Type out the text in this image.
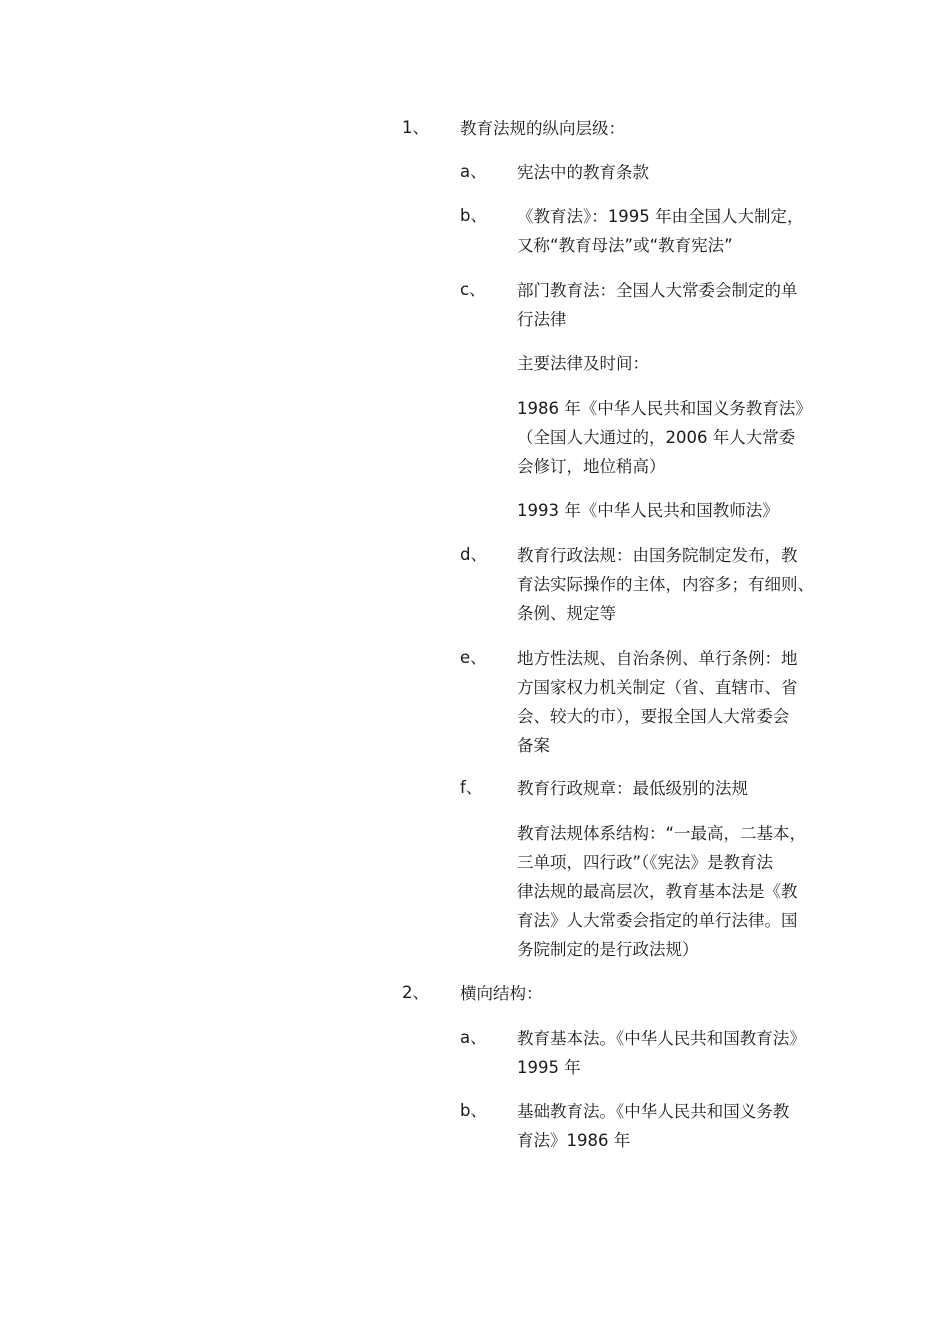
1、 教育法规的纵向层级：
a、 宪法中的教育条款
b、 《教育法》：1995 年由全国人大制定，
又称“教育母法”或“教育宪法”
c、 部门教育法：全国人大常委会制定的单
行法律
主要法律及时间：
1986 年《中华人民共和国义务教育法》
（全国人大通过的，2006 年人大常委
会修订，地位稍高）
1993 年《中华人民共和国教师法》
d、 教育行政法规：由国务院制定发布，教
育法实际操作的主体，内容多；有细则、
条例、规定等
e、 地方性法规、自治条例、单行条例：地
方国家权力机关制定（省、直辖市、省
会、较大的市），要报全国人大常委会
备案
f、 教育行政规章：最低级别的法规
教育法规体系结构：“一最高，二基本，
三单项，四行政”（《宪法》是教育法
律法规的最高层次，教育基本法是《教
育法》人大常委会指定的单行法律。国
务院制定的是行政法规）
2、 横向结构：
a、 教育基本法。《中华人民共和国教育法》
1995 年
b、 基础教育法。《中华人民共和国义务教
育法》1986 年
